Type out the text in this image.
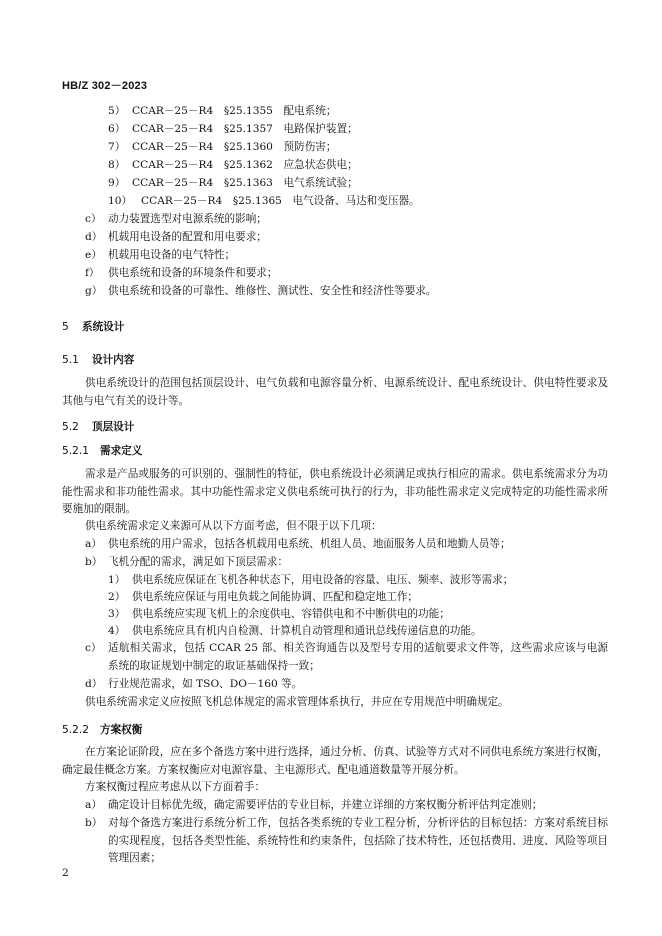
HB/Z 302－2023
5） CCAR－25－R4　§25.1355　配电系统；
6） CCAR－25－R4　§25.1357　电路保护装置；
7） CCAR－25－R4　§25.1360　预防伤害；
8） CCAR－25－R4　§25.1362　应急状态供电；
9） CCAR－25－R4　§25.1363　电气系统试验；
10） CCAR－25－R4　§25.1365　电气设备、马达和变压器。
c） 动力装置选型对电源系统的影响；
d） 机载用电设备的配置和用电要求；
e） 机载用电设备的电气特性；
f） 供电系统和设备的环境条件和要求；
g） 供电系统和设备的可靠性、维修性、测试性、安全性和经济性等要求。
5 系统设计
5.1 设计内容
供电系统设计的范围包括顶层设计、电气负载和电源容量分析、电源系统设计、配电系统设计、供电特性要求及其他与电气有关的设计等。
5.2 顶层设计
5.2.1 需求定义
需求是产品或服务的可识别的、强制性的特征，供电系统设计必须满足或执行相应的需求。供电系统需求分为功能性需求和非功能性需求。其中功能性需求定义供电系统可执行的行为，非功能性需求定义完成特定的功能性需求所要施加的限制。
供电系统需求定义来源可从以下方面考虑，但不限于以下几项：
a） 供电系统的用户需求，包括各机载用电系统、机组人员、地面服务人员和地勤人员等；
b） 飞机分配的需求，满足如下顶层需求：
1） 供电系统应保证在飞机各种状态下，用电设备的容量、电压、频率、波形等需求；
2） 供电系统应保证与用电负载之间能协调、匹配和稳定地工作；
3） 供电系统应实现飞机上的余度供电、容错供电和不中断供电的功能；
4） 供电系统应具有机内自检测、计算机自动管理和通讯总线传递信息的功能。
c） 适航相关需求，包括 CCAR 25 部、相关咨询通告以及型号专用的适航要求文件等，这些需求应该与电源系统的取证规划中制定的取证基础保持一致；
d） 行业规范需求，如 TSO、DO－160 等。
供电系统需求定义应按照飞机总体规定的需求管理体系执行，并应在专用规范中明确规定。
5.2.2 方案权衡
在方案论证阶段，应在多个备选方案中进行选择，通过分析、仿真、试验等方式对不同供电系统方案进行权衡，确定最佳概念方案。方案权衡应对电源容量、主电源形式、配电通道数量等开展分析。
方案权衡过程应考虑从以下方面着手：
a） 确定设计目标优先级，确定需要评估的专业目标，并建立详细的方案权衡分析评估判定准则；
b） 对每个备选方案进行系统分析工作，包括各类系统的专业工程分析，分析评估的目标包括：方案对系统目标的实现程度，包括各类型性能、系统特性和约束条件，包括除了技术特性，还包括费用、进度、风险等项目管理因素；
2
